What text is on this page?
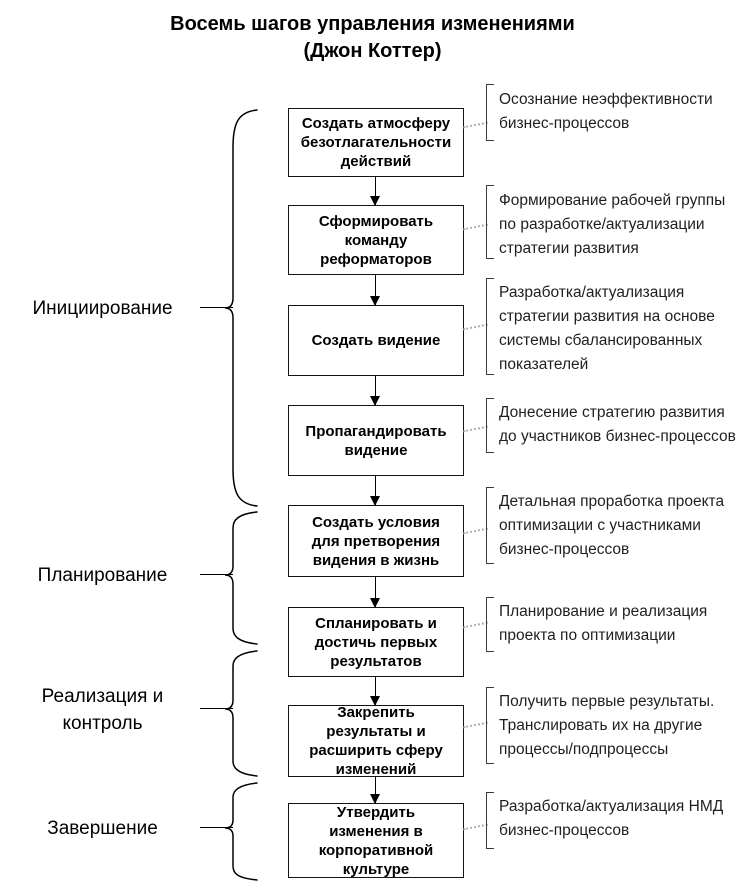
Восемь шагов управления изменениями
(Джон Коттер)
Инициирование
Планирование
Реализация и
контроль
Завершение
Создать атмосферу
безотлагательности
действий
Сформировать
команду
реформаторов
Создать видение
Пропагандировать
видение
Создать условия
для претворения
видения в жизнь
Спланировать и
достичь первых
результатов
Закрепить
результаты и
расширить сферу
изменений
Утвердить
изменения в
корпоративной
культуре
Осознание неэффективности
бизнес-процессов
Формирование рабочей группы
по разработке/актуализации
стратегии развития
Разработка/актуализация
стратегии развития на основе
системы сбалансированных
показателей
Донесение стратегию развития
до участников бизнес-процессов
Детальная проработка проекта
оптимизации с участниками
бизнес-процессов
Планирование и реализация
проекта по оптимизации
Получить первые результаты.
Транслировать их на другие
процессы/подпроцессы
Разработка/актуализация НМД
бизнес-процессов
